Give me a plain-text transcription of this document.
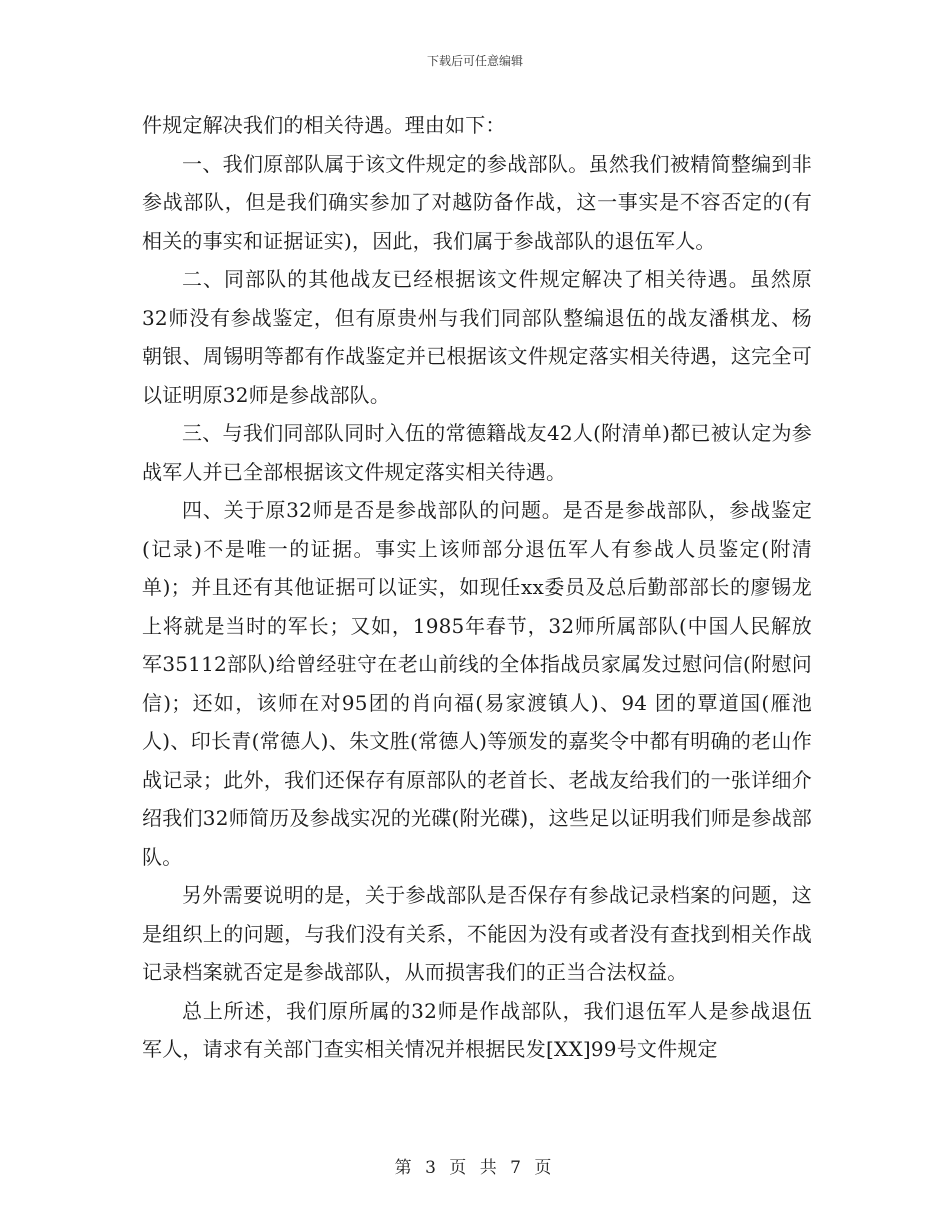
下载后可任意编辑

件规定解决我们的相关待遇。理由如下：

一、我们原部队属于该文件规定的参战部队。虽然我们被精简整编到非参战部队，但是我们确实参加了对越防备作战，这一事实是不容否定的(有相关的事实和证据证实)，因此，我们属于参战部队的退伍军人。

二、同部队的其他战友已经根据该文件规定解决了相关待遇。虽然原32师没有参战鉴定，但有原贵州与我们同部队整编退伍的战友潘棋龙、杨朝银、周锡明等都有作战鉴定并已根据该文件规定落实相关待遇，这完全可以证明原32师是参战部队。

三、与我们同部队同时入伍的常德籍战友42人(附清单)都已被认定为参战军人并已全部根据该文件规定落实相关待遇。

四、关于原32师是否是参战部队的问题。是否是参战部队，参战鉴定(记录)不是唯一的证据。事实上该师部分退伍军人有参战人员鉴定(附清单)；并且还有其他证据可以证实，如现任xx委员及总后勤部部长的廖锡龙上将就是当时的军长；又如，1985年春节，32师所属部队(中国人民解放军35112部队)给曾经驻守在老山前线的全体指战员家属发过慰问信(附慰问信)；还如，该师在对95团的肖向福(易家渡镇人)、94 团的覃道国(雁池人)、印长青(常德人)、朱文胜(常德人)等颁发的嘉奖令中都有明确的老山作战记录；此外，我们还保存有原部队的老首长、老战友给我们的一张详细介绍我们32师简历及参战实况的光碟(附光碟)，这些足以证明我们师是参战部队。

另外需要说明的是，关于参战部队是否保存有参战记录档案的问题，这是组织上的问题，与我们没有关系，不能因为没有或者没有查找到相关作战记录档案就否定是参战部队，从而损害我们的正当合法权益。

总上所述，我们原所属的32师是作战部队，我们退伍军人是参战退伍军人，请求有关部门查实相关情况并根据民发[XX]99号文件规定

第 3 页 共 7 页
